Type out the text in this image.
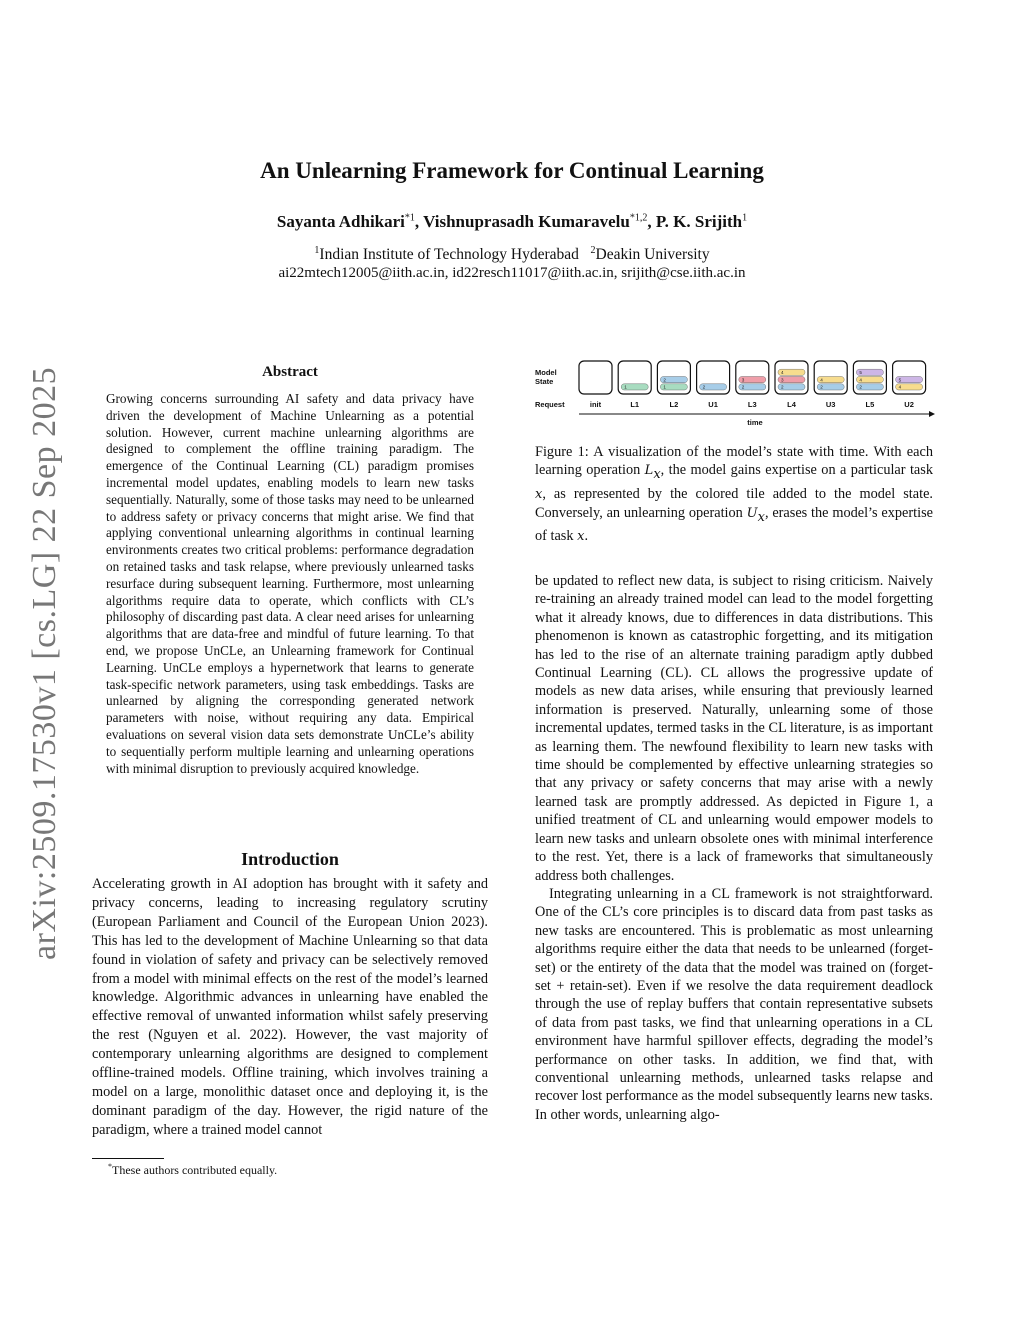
arXiv:2509.17530v1 [cs.LG] 22 Sep 2025
An Unlearning Framework for Continual Learning
Sayanta Adhikari$^{*1}$, Vishnuprasadh Kumaravelu$^{*1,2}$, P. K. Srijith$^1$
$^1$Indian Institute of Technology Hyderabad $^2$Deakin University
ai22mtech12005@iith.ac.in, id22resch11017@iith.ac.in, srijith@cse.iith.ac.in
Abstract
Growing concerns surrounding AI safety and data privacy have driven the development of Machine Unlearning as a potential solution. However, current machine unlearning algorithms are designed to complement the offline training paradigm. The emergence of the Continual Learning (CL) paradigm promises incremental model updates, enabling models to learn new tasks sequentially. Naturally, some of those tasks may need to be unlearned to address safety or privacy concerns that might arise. We find that applying conventional unlearning algorithms in continual learning environments creates two critical problems: performance degradation on retained tasks and task relapse, where previously unlearned tasks resurface during subsequent learning. Furthermore, most unlearning algorithms require data to operate, which conflicts with CL’s philosophy of discarding past data. A clear need arises for unlearning algorithms that are data-free and mindful of future learning. To that end, we propose UnCLe, an Unlearning framework for Continual Learning. UnCLe employs a hypernetwork that learns to generate task-specific network parameters, using task embeddings. Tasks are unlearned by aligning the corresponding generated network parameters with noise, without requiring any data. Empirical evaluations on several vision data sets demonstrate UnCLe’s ability to sequentially perform multiple learning and unlearning operations with minimal disruption to previously acquired knowledge.
Introduction
Accelerating growth in AI adoption has brought with it safety and privacy concerns, leading to increasing regulatory scrutiny (European Parliament and Council of the European Union 2023). This has led to the development of Machine Unlearning so that data found in violation of safety and privacy can be selectively removed from a model with minimal effects on the rest of the model’s learned knowledge. Algorithmic advances in unlearning have enabled the effective removal of unwanted information whilst safely preserving the rest (Nguyen et al. 2022). However, the vast majority of contemporary unlearning algorithms are designed to complement offline-trained models. Offline training, which involves training a model on a large, monolithic dataset once and deploying it, is the dominant paradigm of the day. However, the rigid nature of the paradigm, where a trained model cannot
*These authors contributed equally.
Model
State
Request	init
1
L1
1
2
L2
2
U1
2
3
L3
2
3
4
L4
2
4
U3
2
4
5
L5
4
5
U2
time
Figure 1: A visualization of the model’s state with time. With each learning operation $L_x$, the model gains expertise on a particular task x, as represented by the colored tile added to the model state. Conversely, an unlearning operation $U_x$, erases the model’s expertise of task x.

be updated to reflect new data, is subject to rising criticism. Naively re-training an already trained model can lead to the model forgetting what it already knows, due to differences in data distributions. This phenomenon is known as catastrophic forgetting, and its mitigation has led to the rise of an alternate training paradigm aptly dubbed Continual Learning (CL). CL allows the progressive update of models as new data arises, while ensuring that previously learned information is preserved. Naturally, unlearning some of those incremental updates, termed tasks in the CL literature, is as important as learning them. The newfound flexibility to learn new tasks with time should be complemented by effective unlearning strategies so that any privacy or safety concerns that may arise with a newly learned task are promptly addressed. As depicted in Figure 1, a unified treatment of CL and unlearning would empower models to learn new tasks and unlearn obsolete ones with minimal interference to the rest. Yet, there is a lack of frameworks that simultaneously address both challenges.

Integrating unlearning in a CL framework is not straightforward. One of the CL’s core principles is to discard data from past tasks as new tasks are encountered. This is problematic as most unlearning algorithms require either the data that needs to be unlearned (forget-set) or the entirety of the data that the model was trained on (forget-set + retain-set). Even if we resolve the data requirement deadlock through the use of replay buffers that contain representative subsets of data from past tasks, we find that unlearning operations in a CL environment have harmful spillover effects, degrading the model’s performance on other tasks. In addition, we find that, with conventional unlearning methods, unlearned tasks relapse and recover lost performance as the model subsequently learns new tasks. In other words, unlearning algo-
